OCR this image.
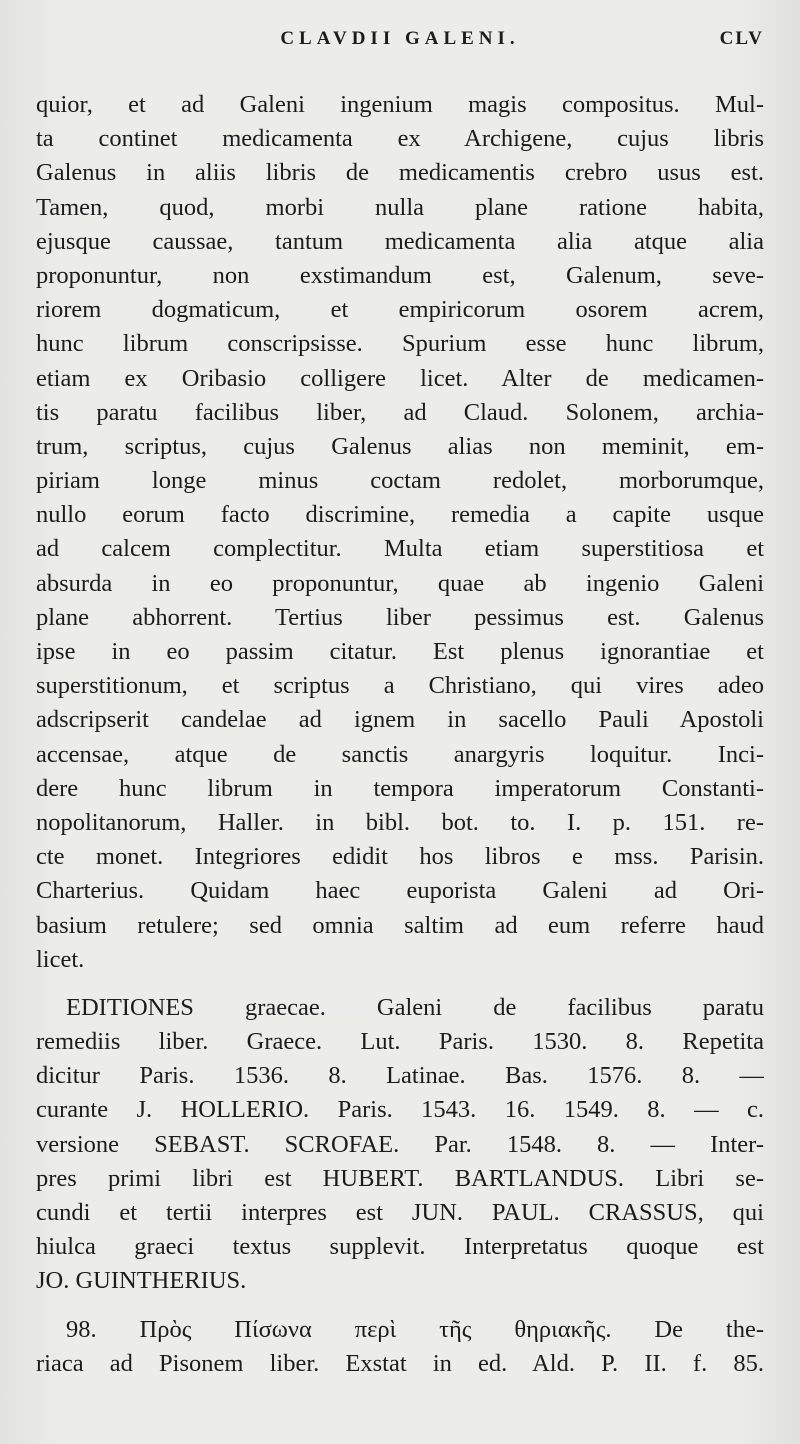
CLAVDII GALENI.	CLV
quior, et ad Galeni ingenium magis compositus. Mul-
ta continet medicamenta ex Archigene, cujus libris
Galenus in aliis libris de medicamentis crebro usus est.
Tamen, quod, morbi nulla plane ratione habita,
ejusque caussae, tantum medicamenta alia atque alia
proponuntur, non exstimandum est, Galenum, seve-
riorem dogmaticum, et empiricorum osorem acrem,
hunc librum conscripsisse. Spurium esse hunc librum,
etiam ex Oribasio colligere licet. Alter de medicamen-
tis paratu facilibus liber, ad Claud. Solonem, archia-
trum, scriptus, cujus Galenus alias non meminit, em-
piriam longe minus coctam redolet, morborumque,
nullo eorum facto discrimine, remedia a capite usque
ad calcem complectitur. Multa etiam superstitiosa et
absurda in eo proponuntur, quae ab ingenio Galeni
plane abhorrent. Tertius liber pessimus est. Galenus
ipse in eo passim citatur. Est plenus ignorantiae et
superstitionum, et scriptus a Christiano, qui vires adeo
adscripserit candelae ad ignem in sacello Pauli Apostoli
accensae, atque de sanctis anargyris loquitur. Inci-
dere hunc librum in tempora imperatorum Constanti-
nopolitanorum, Haller. in bibl. bot. to. I. p. 151. re-
cte monet. Integriores edidit hos libros e mss. Parisin.
Charterius. Quidam haec euporista Galeni ad Ori-
basium retulere; sed omnia saltim ad eum referre haud
licet.
EDITIONES graecae. Galeni de facilibus paratu
remediis liber. Graece. Lut. Paris. 1530. 8. Repetita
dicitur Paris. 1536. 8. Latinae. Bas. 1576. 8. —
curante J. HOLLERIO. Paris. 1543. 16. 1549. 8. — c.
versione SEBAST. SCROFAE. Par. 1548. 8. — Inter-
pres primi libri est HUBERT. BARTLANDUS. Libri se-
cundi et tertii interpres est JUN. PAUL. CRASSUS, qui
hiulca graeci textus supplevit. Interpretatus quoque est
JO. GUINTHERIUS.
98. Πρὸς Πίσωνα περὶ τῆς θηριακῆς. De the-
riaca ad Pisonem liber. Exstat in ed. Ald. P. II. f. 85.
